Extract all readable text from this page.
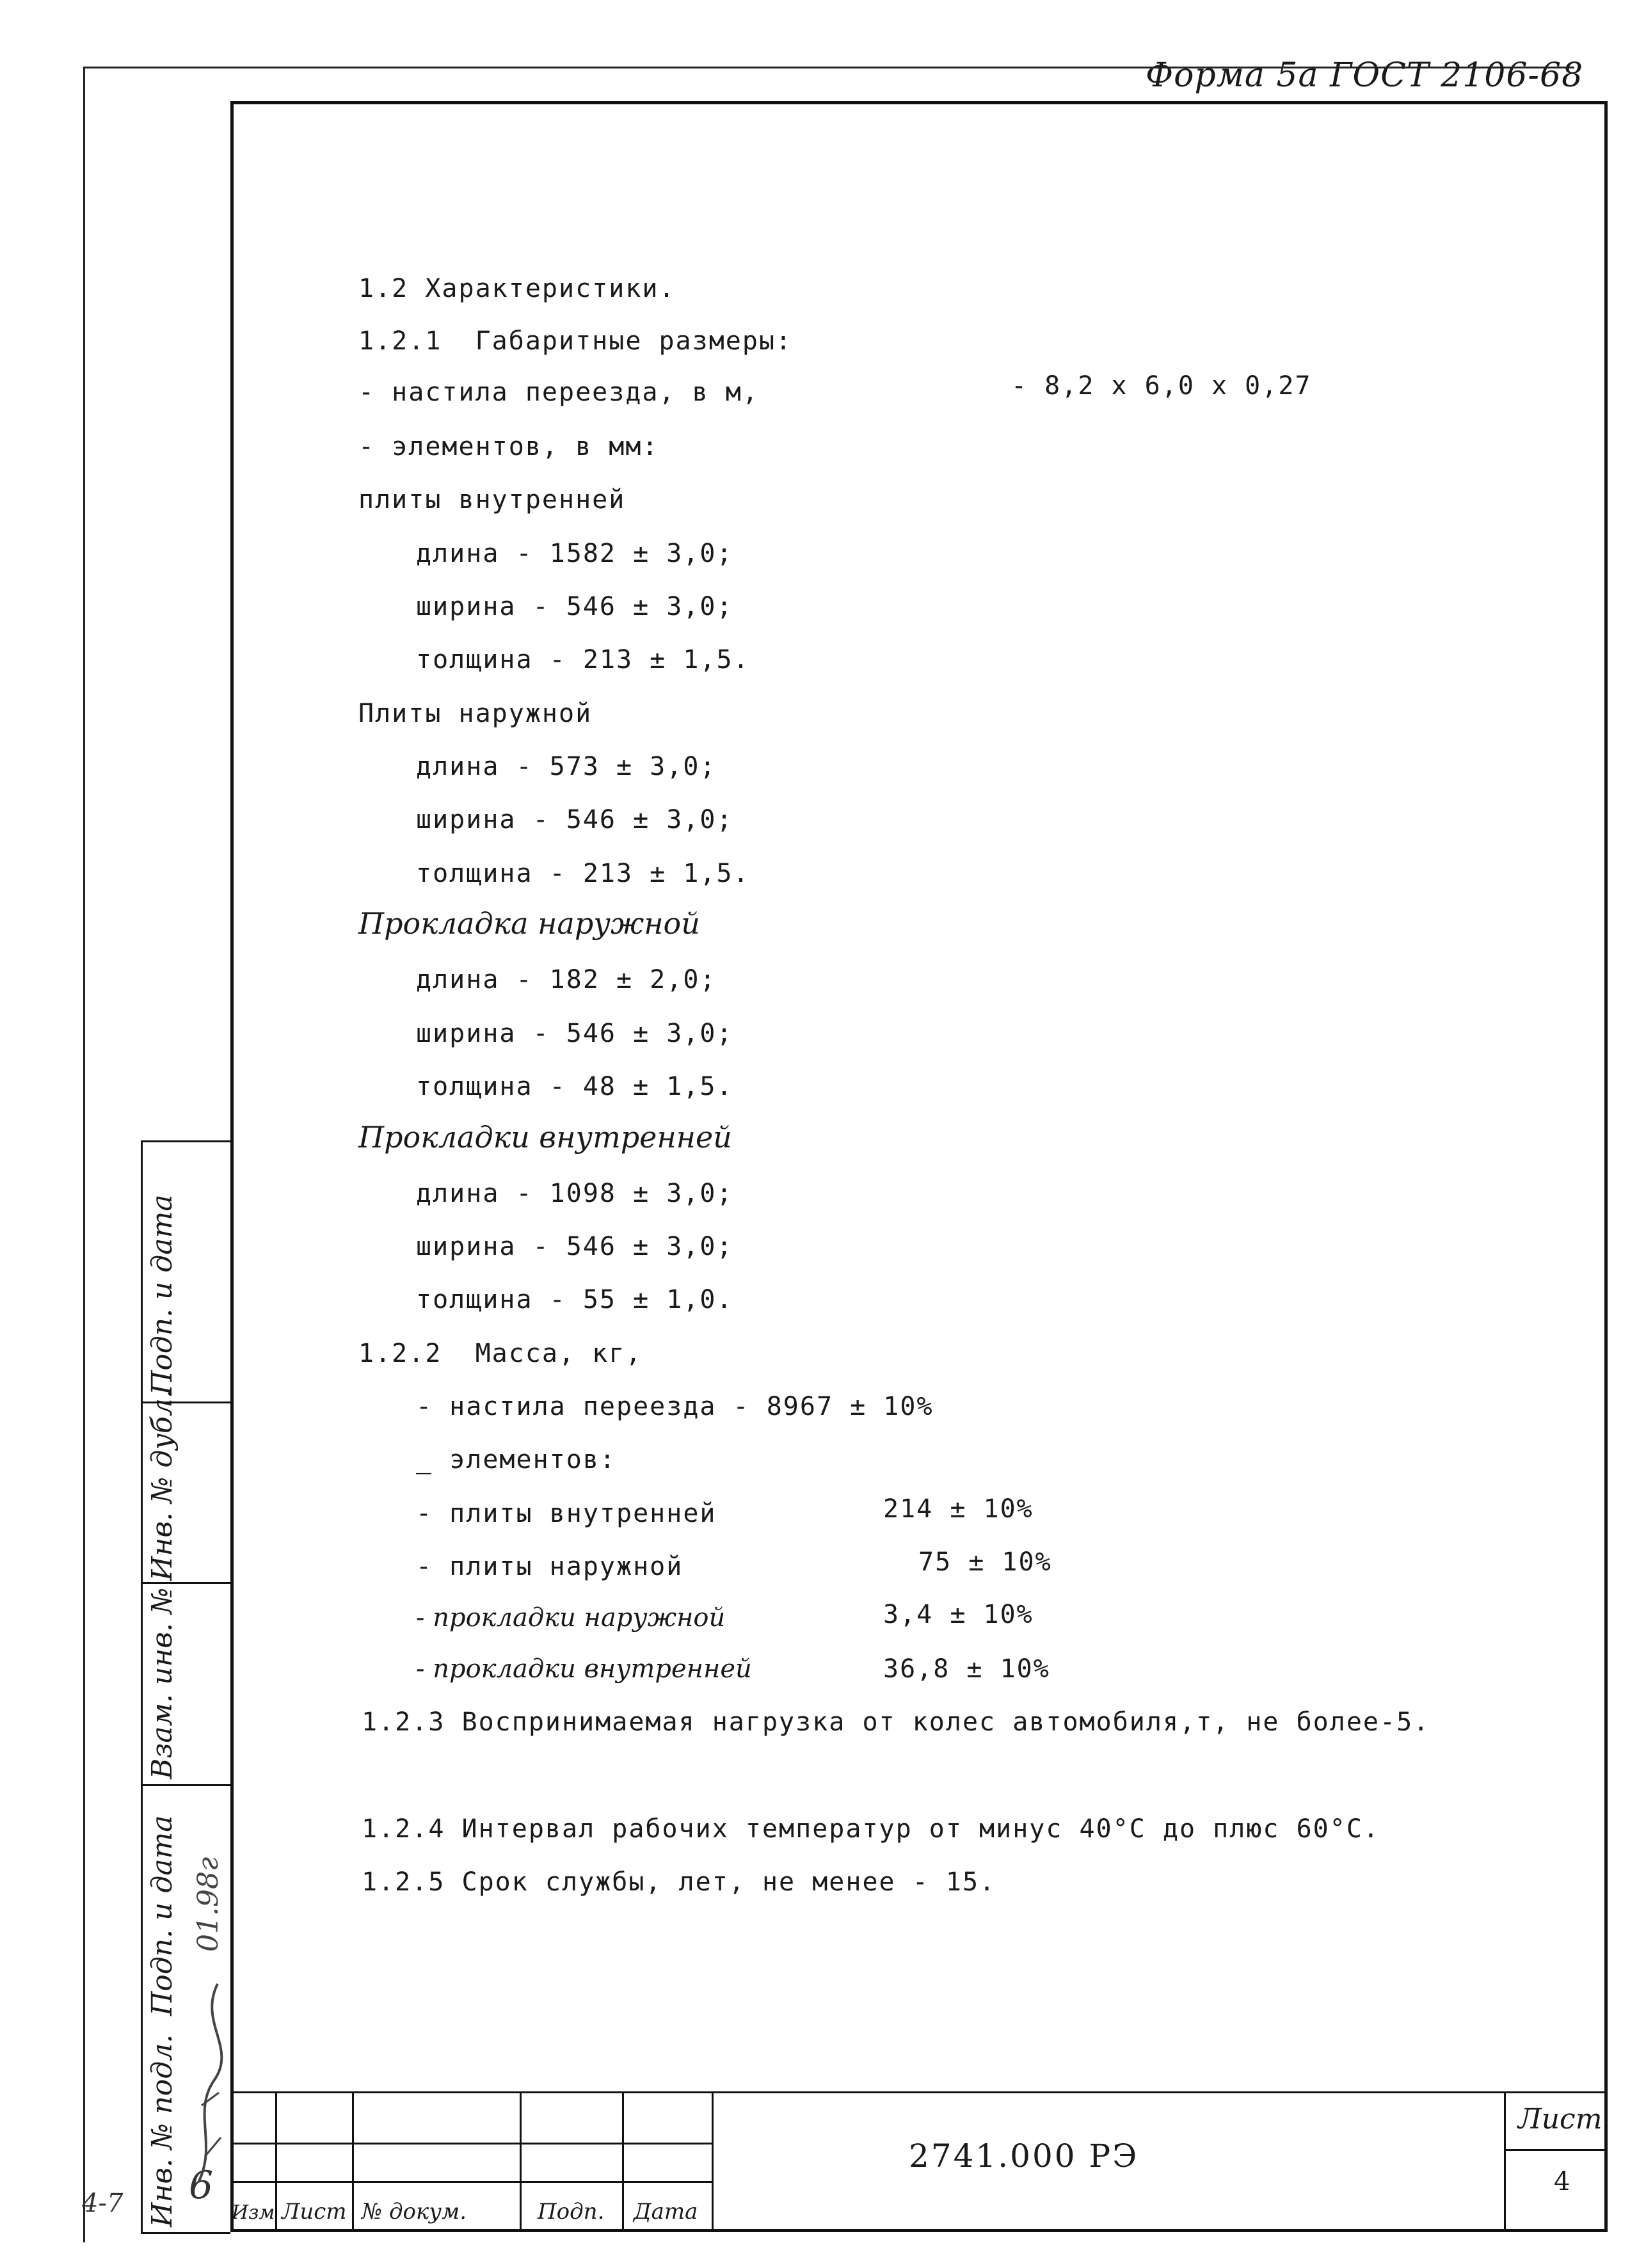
Форма 5а ГОСТ 2106-68
1.2 Характеристики.
1.2.1  Габаритные размеры:
- настила переезда, в м,	- 8,2 х 6,0 х 0,27
- элементов, в мм:
плиты внутренней
длина - 1582 ± 3,0;
ширина - 546 ± 3,0;
толщина - 213 ± 1,5.
Плиты наружной
длина - 573 ± 3,0;
ширина - 546 ± 3,0;
толщина - 213 ± 1,5.
Прокладка наружной
длина - 182 ± 2,0;
ширина - 546 ± 3,0;
толщина - 48 ± 1,5.
Прокладки внутренней
длина - 1098 ± 3,0;
ширина - 546 ± 3,0;
толщина - 55 ± 1,0.
1.2.2  Масса, кг,
- настила переезда - 8967 ± 10%
_ элементов:
- плиты внутренней	214 ± 10%
- плиты наружной	75 ± 10%
- прокладки наружной	3,4 ± 10%
- прокладки внутренней	36,8 ± 10%
1.2.3 Воспринимаемая нагрузка от колес автомобиля,т, не более-5.
1.2.4 Интервал рабочих температур от минус 40°С до плюс 60°С.
1.2.5 Срок службы, лет, не менее - 15.
Изм Лист № докум.	Подп. Дата
2741.000 РЭ
Лист
4
Подп. и дата
Инв. № дубл.
Взам. инв. №
Подп. и дата
Инв. № подл.
01.98г
6
4-7
